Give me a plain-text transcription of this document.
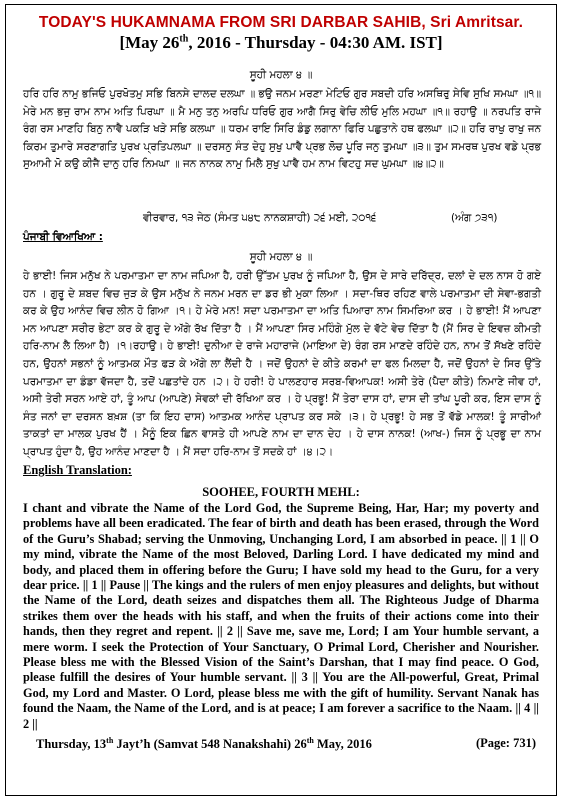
TODAY'S HUKAMNAMA FROM SRI DARBAR SAHIB, Sri Amritsar.
[May 26th, 2016 - Thursday - 04:30 AM. IST]
ਸੂਹੀ ਮਹਲਾ ੪ ॥
ਹਰਿ ਹਰਿ ਨਾਮੁ ਭਜਿਓ ਪੁਰਖੋਤਮੁ ਸਭਿ ਬਿਨਸੇ ਦਾਲਦ ਦਲਘਾ ॥ ਭਉ ਜਨਮ ਮਰਣਾ ਮੇਟਿਓ ਗੁਰ ਸਬਦੀ ਹਰਿ ਅਸਥਿਰੁ ਸੇਵਿ ਸੁਖਿ ਸਮਘਾ ॥੧॥ ਮੇਰੇ ਮਨ ਭਜੁ ਰਾਮ ਨਾਮ ਅਤਿ ਪਿਰਘਾ ॥ ਮੈ ਮਨੁ ਤਨੁ ਅਰਪਿ ਧਰਿਓ ਗੁਰ ਆਗੈ ਸਿਰੁ ਵੇਚਿ ਲੀਓ ਮੁਲਿ ਮਹਘਾ ॥੧॥ ਰਹਾਉ ॥ ਨਰਪਤਿ ਰਾਜੇ ਰੰਗ ਰਸ ਮਾਣਹਿ ਬਿਨੁ ਨਾਵੈ ਪਕੜਿ ਖੜੇ ਸਭਿ ਕਲਘਾ ॥ ਧਰਮ ਰਾਇ ਸਿਰਿ ਡੰਡੁ ਲਗਾਨਾ ਫਿਰਿ ਪਛੁਤਾਨੇ ਹਥ ਫਲਘਾ ॥੨॥ ਹਰਿ ਰਾਖੁ ਰਾਖੁ ਜਨ ਕਿਰਮ ਤੁਮਾਰੇ ਸਰਣਾਗਤਿ ਪੁਰਖ ਪ੍ਰਤਿਪਲਘਾ ॥ ਦਰਸਨੁ ਸੰਤ ਦੇਹੁ ਸੁਖੁ ਪਾਵੈ ਪ੍ਰਭ ਲੋਚ ਪੂਰਿ ਜਨੁ ਤੁਮਘਾ ॥੩॥ ਤੁਮ ਸਮਰਥ ਪੁਰਖ ਵਡੇ ਪ੍ਰਭ ਸੁਆਮੀ ਮੋ ਕਉ ਕੀਜੈ ਦਾਨੁ ਹਰਿ ਨਿਮਘਾ ॥ ਜਨ ਨਾਨਕ ਨਾਮੁ ਮਿਲੈ ਸੁਖੁ ਪਾਵੈ ਹਮ ਨਾਮ ਵਿਟਹੁ ਸਦ ਘੁਮਘਾ ॥੪॥੨॥
ਵੀਰਵਾਰ, ੧੩ ਜੇਠ (ਸੰਮਤ ੫੪੮ ਨਾਨਕਸ਼ਾਹੀ) ੨੬ ਮਈ, ੨੦੧੬	(ਅੰਗ ੭੩੧)
ਪੰਜਾਬੀ ਵਿਆਖਿਆ :
ਸੂਹੀ ਮਹਲਾ ੪ ॥
ਹੇ ਭਾਈ! ਜਿਸ ਮਨੁੱਖ ਨੇ ਪਰਮਾਤਮਾ ਦਾ ਨਾਮ ਜਪਿਆ ਹੈ, ਹਰੀ ਉੱਤਮ ਪੁਰਖ ਨੂੰ ਜਪਿਆ ਹੈ, ਉਸ ਦੇ ਸਾਰੇ ਦਰਿੱਦ੍ਰ, ਦਲਾਂ ਦੇ ਦਲ ਨਾਸ ਹੋ ਗਏ ਹਨ । ਗੁਰੂ ਦੇ ਸ਼ਬਦ ਵਿਚ ਜੁੜ ਕੇ ਉਸ ਮਨੁੱਖ ਨੇ ਜਨਮ ਮਰਨ ਦਾ ਡਰ ਭੀ ਮੁਕਾ ਲਿਆ । ਸਦਾ-ਥਿਰ ਰਹਿਣ ਵਾਲੇ ਪਰਮਾਤਮਾ ਦੀ ਸੇਵਾ-ਭਗਤੀ ਕਰ ਕੇ ਉਹ ਆਨੰਦ ਵਿਚ ਲੀਨ ਹੋ ਗਿਆ ।੧। ਹੇ ਮੇਰੇ ਮਨ! ਸਦਾ ਪਰਮਾਤਮਾ ਦਾ ਅਤਿ ਪਿਆਰਾ ਨਾਮ ਸਿਮਰਿਆ ਕਰ । ਹੇ ਭਾਈ! ਮੈਂ ਆਪਣਾ ਮਨ ਆਪਣਾ ਸਰੀਰ ਭੇਟਾ ਕਰ ਕੇ ਗੁਰੂ ਦੇ ਅੱਗੇ ਰੱਖ ਦਿੱਤਾ ਹੈ । ਮੈਂ ਆਪਣਾ ਸਿਰ ਮਹਿੰਗੇ ਮੁੱਲ ਦੇ ਵੱਟੇ ਵੇਚ ਦਿੱਤਾ ਹੈ (ਮੈਂ ਸਿਰ ਦੇ ਇਵਜ਼ ਕੀਮਤੀ ਹਰਿ-ਨਾਮ ਲੈ ਲਿਆ ਹੈ) ।੧।ਰਹਾਉ। ਹੇ ਭਾਈ! ਦੁਨੀਆ ਦੇ ਰਾਜੇ ਮਹਾਰਾਜੇ (ਮਾਇਆ ਦੇ) ਰੰਗ ਰਸ ਮਾਣਦੇ ਰਹਿੰਦੇ ਹਨ, ਨਾਮ ਤੋਂ ਸੱਖਣੇ ਰਹਿੰਦੇ ਹਨ, ਉਹਨਾਂ ਸਭਨਾਂ ਨੂੰ ਆਤਮਕ ਮੌਤ ਫੜ ਕੇ ਅੱਗੇ ਲਾ ਲੈਂਦੀ ਹੈ । ਜਦੋਂ ਉਹਨਾਂ ਦੇ ਕੀਤੇ ਕਰਮਾਂ ਦਾ ਫਲ ਮਿਲਦਾ ਹੈ, ਜਦੋਂ ਉਹਨਾਂ ਦੇ ਸਿਰ ਉੱਤੇ ਪਰਮਾਤਮਾ ਦਾ ਡੰਡਾ ਵੱਜਦਾ ਹੈ, ਤਦੋਂ ਪਛਤਾਂਦੇ ਹਨ ।੨। ਹੇ ਹਰੀ! ਹੇ ਪਾਲਣਹਾਰ ਸਰਬ-ਵਿਆਪਕ! ਅਸੀ ਤੇਰੇ (ਪੈਦਾ ਕੀਤੇ) ਨਿਮਾਣੇ ਜੀਵ ਹਾਂ, ਅਸੀ ਤੇਰੀ ਸਰਨ ਆਏ ਹਾਂ, ਤੂੰ ਆਪ (ਆਪਣੇ) ਸੇਵਕਾਂ ਦੀ ਰੱਖਿਆ ਕਰ । ਹੇ ਪ੍ਰਭੂ! ਮੈਂ ਤੇਰਾ ਦਾਸ ਹਾਂ, ਦਾਸ ਦੀ ਤਾਂਘ ਪੂਰੀ ਕਰ, ਇਸ ਦਾਸ ਨੂੰ ਸੰਤ ਜਨਾਂ ਦਾ ਦਰਸਨ ਬਖ਼ਸ਼ (ਤਾ ਕਿ ਇਹ ਦਾਸ) ਆਤਮਕ ਆਨੰਦ ਪ੍ਰਾਪਤ ਕਰ ਸਕੇ ।੩। ਹੇ ਪ੍ਰਭੂ! ਹੇ ਸਭ ਤੋਂ ਵੱਡੇ ਮਾਲਕ! ਤੂੰ ਸਾਰੀਆਂ ਤਾਕਤਾਂ ਦਾ ਮਾਲਕ ਪੁਰਖ ਹੈਂ । ਮੈਨੂੰ ਇਕ ਛਿਨ ਵਾਸਤੇ ਹੀ ਆਪਣੇ ਨਾਮ ਦਾ ਦਾਨ ਦੇਹ । ਹੇ ਦਾਸ ਨਾਨਕ! (ਆਖ-) ਜਿਸ ਨੂੰ ਪ੍ਰਭੂ ਦਾ ਨਾਮ ਪ੍ਰਾਪਤ ਹੁੰਦਾ ਹੈ, ਉਹ ਆਨੰਦ ਮਾਣਦਾ ਹੈ । ਮੈਂ ਸਦਾ ਹਰਿ-ਨਾਮ ਤੋਂ ਸਦਕੇ ਹਾਂ ।੪।੨।
English Translation:
SOOHEE, FOURTH MEHL:
I chant and vibrate the Name of the Lord God, the Supreme Being, Har, Har; my poverty and problems have all been eradicated. The fear of birth and death has been erased, through the Word of the Guru’s Shabad; serving the Unmoving, Unchanging Lord, I am absorbed in peace. || 1 || O my mind, vibrate the Name of the most Beloved, Darling Lord. I have dedicated my mind and body, and placed them in offering before the Guru; I have sold my head to the Guru, for a very dear price. || 1 || Pause || The kings and the rulers of men enjoy pleasures and delights, but without the Name of the Lord, death seizes and dispatches them all. The Righteous Judge of Dharma strikes them over the heads with his staff, and when the fruits of their actions come into their hands, then they regret and repent. || 2 || Save me, save me, Lord; I am Your humble servant, a mere worm. I seek the Protection of Your Sanctuary, O Primal Lord, Cherisher and Nourisher. Please bless me with the Blessed Vision of the Saint’s Darshan, that I may find peace. O God, please fulfill the desires of Your humble servant. || 3 || You are the All-powerful, Great, Primal God, my Lord and Master. O Lord, please bless me with the gift of humility. Servant Nanak has found the Naam, the Name of the Lord, and is at peace; I am forever a sacrifice to the Naam. || 4 || 2 ||
Thursday, 13th Jayt’h (Samvat 548 Nanakshahi) 26th May, 2016	(Page: 731)
